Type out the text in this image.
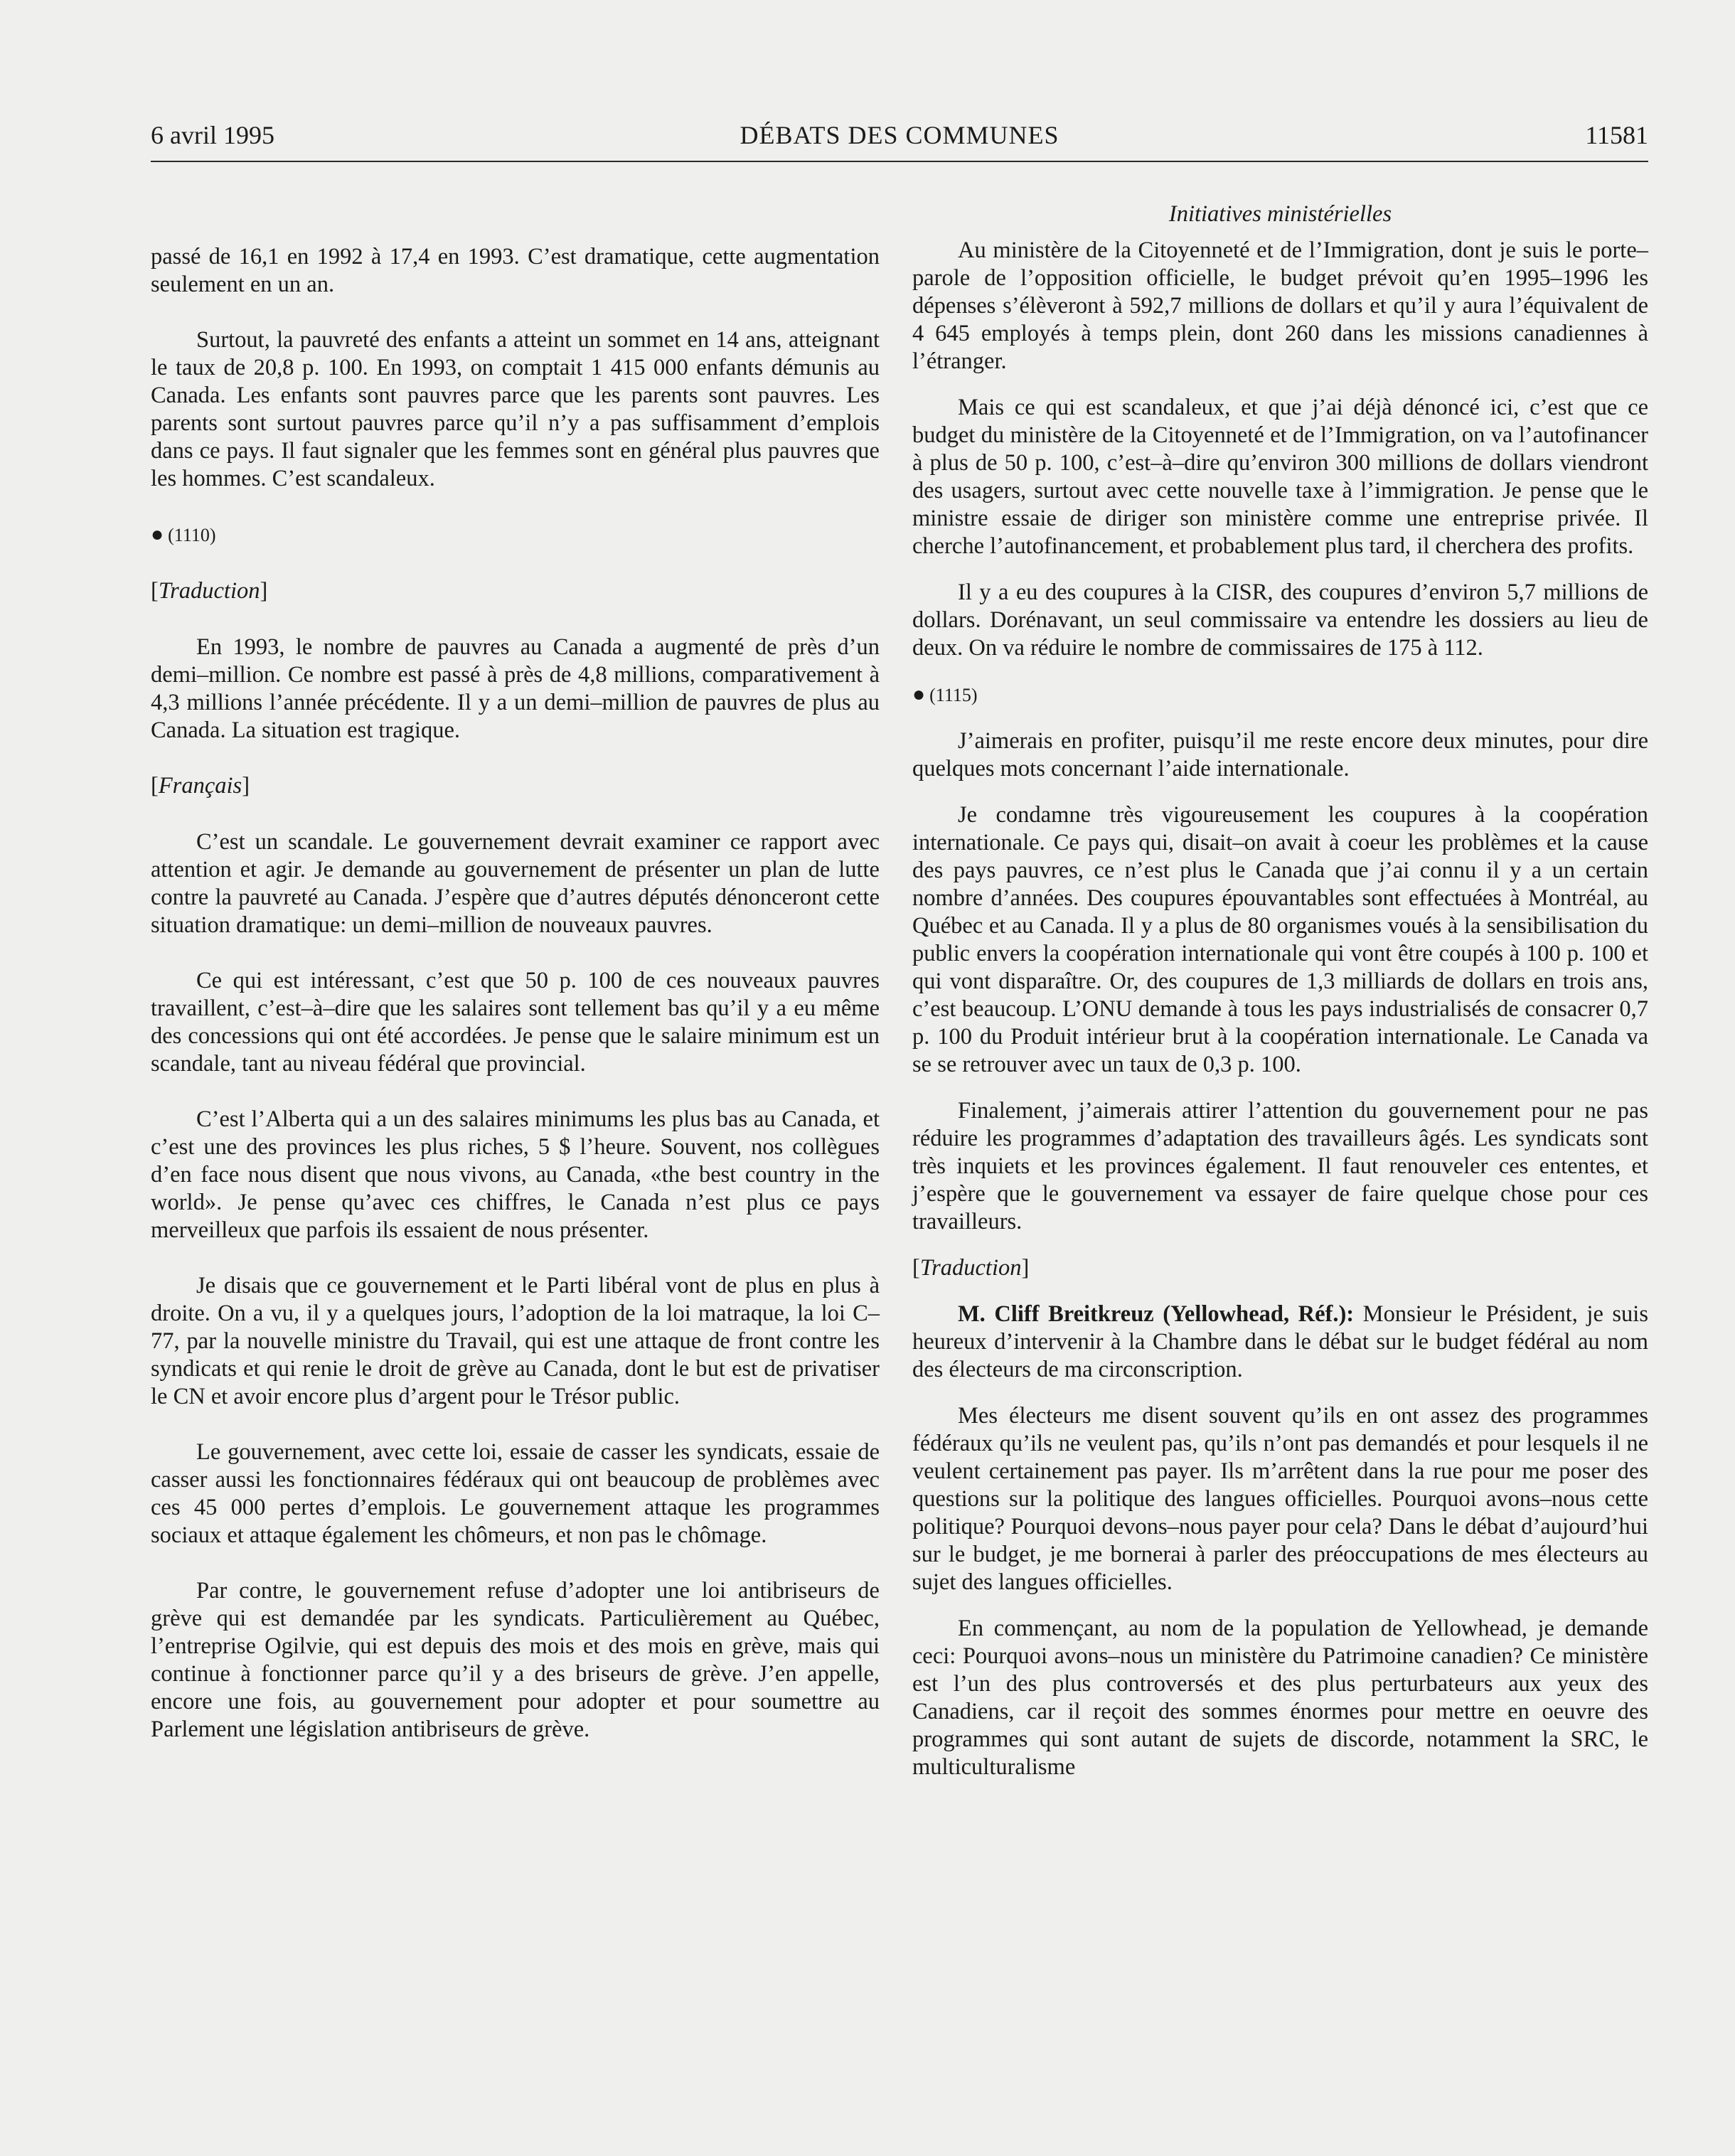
6 avril 1995	DÉBATS DES COMMUNES	11581

passé de 16,1 en 1992 à 17,4 en 1993. C’est dramatique, cette augmentation seulement en un an.

Surtout, la pauvreté des enfants a atteint un sommet en 14 ans, atteignant le taux de 20,8 p. 100. En 1993, on comptait 1 415 000 enfants démunis au Canada. Les enfants sont pauvres parce que les parents sont pauvres. Les parents sont surtout pauvres parce qu’il n’y a pas suffisamment d’emplois dans ce pays. Il faut signaler que les femmes sont en général plus pauvres que les hommes. C’est scandaleux.

● (1110)
[Traduction]

En 1993, le nombre de pauvres au Canada a augmenté de près d’un demi–million. Ce nombre est passé à près de 4,8 millions, comparativement à 4,3 millions l’année précédente. Il y a un demi–million de pauvres de plus au Canada. La situation est tragique.

[Français]

C’est un scandale. Le gouvernement devrait examiner ce rapport avec attention et agir. Je demande au gouvernement de présenter un plan de lutte contre la pauvreté au Canada. J’espère que d’autres députés dénonceront cette situation dramatique: un demi–million de nouveaux pauvres.

Ce qui est intéressant, c’est que 50 p. 100 de ces nouveaux pauvres travaillent, c’est–à–dire que les salaires sont tellement bas qu’il y a eu même des concessions qui ont été accordées. Je pense que le salaire minimum est un scandale, tant au niveau fédéral que provincial.

C’est l’Alberta qui a un des salaires minimums les plus bas au Canada, et c’est une des provinces les plus riches, 5 $ l’heure. Souvent, nos collègues d’en face nous disent que nous vivons, au Canada, «the best country in the world». Je pense qu’avec ces chiffres, le Canada n’est plus ce pays merveilleux que parfois ils essaient de nous présenter.

Je disais que ce gouvernement et le Parti libéral vont de plus en plus à droite. On a vu, il y a quelques jours, l’adoption de la loi matraque, la loi C–77, par la nouvelle ministre du Travail, qui est une attaque de front contre les syndicats et qui renie le droit de grève au Canada, dont le but est de privatiser le CN et avoir encore plus d’argent pour le Trésor public.

Le gouvernement, avec cette loi, essaie de casser les syndicats, essaie de casser aussi les fonctionnaires fédéraux qui ont beaucoup de problèmes avec ces 45 000 pertes d’emplois. Le gouvernement attaque les programmes sociaux et attaque également les chômeurs, et non pas le chômage.

Par contre, le gouvernement refuse d’adopter une loi antibriseurs de grève qui est demandée par les syndicats. Particulièrement au Québec, l’entreprise Ogilvie, qui est depuis des mois et des mois en grève, mais qui continue à fonctionner parce qu’il y a des briseurs de grève. J’en appelle, encore une fois, au gouvernement pour adopter et pour soumettre au Parlement une législation antibriseurs de grève.

Initiatives ministérielles

Au ministère de la Citoyenneté et de l’Immigration, dont je suis le porte–parole de l’opposition officielle, le budget prévoit qu’en 1995–1996 les dépenses s’élèveront à 592,7 millions de dollars et qu’il y aura l’équivalent de 4 645 employés à temps plein, dont 260 dans les missions canadiennes à l’étranger.

Mais ce qui est scandaleux, et que j’ai déjà dénoncé ici, c’est que ce budget du ministère de la Citoyenneté et de l’Immigration, on va l’autofinancer à plus de 50 p. 100, c’est–à–dire qu’environ 300 millions de dollars viendront des usagers, surtout avec cette nouvelle taxe à l’immigration. Je pense que le ministre essaie de diriger son ministère comme une entreprise privée. Il cherche l’autofinancement, et probablement plus tard, il cherchera des profits.

Il y a eu des coupures à la CISR, des coupures d’environ 5,7 millions de dollars. Dorénavant, un seul commissaire va entendre les dossiers au lieu de deux. On va réduire le nombre de commissaires de 175 à 112.

● (1115)

J’aimerais en profiter, puisqu’il me reste encore deux minutes, pour dire quelques mots concernant l’aide internationale.

Je condamne très vigoureusement les coupures à la coopération internationale. Ce pays qui, disait–on avait à coeur les problèmes et la cause des pays pauvres, ce n’est plus le Canada que j’ai connu il y a un certain nombre d’années. Des coupures épouvantables sont effectuées à Montréal, au Québec et au Canada. Il y a plus de 80 organismes voués à la sensibilisation du public envers la coopération internationale qui vont être coupés à 100 p. 100 et qui vont disparaître. Or, des coupures de 1,3 milliards de dollars en trois ans, c’est beaucoup. L’ONU demande à tous les pays industrialisés de consacrer 0,7 p. 100 du Produit intérieur brut à la coopération internationale. Le Canada va se se retrouver avec un taux de 0,3 p. 100.

Finalement, j’aimerais attirer l’attention du gouvernement pour ne pas réduire les programmes d’adaptation des travailleurs âgés. Les syndicats sont très inquiets et les provinces également. Il faut renouveler ces ententes, et j’espère que le gouvernement va essayer de faire quelque chose pour ces travailleurs.

[Traduction]

M. Cliff Breitkreuz (Yellowhead, Réf.): Monsieur le Président, je suis heureux d’intervenir à la Chambre dans le débat sur le budget fédéral au nom des électeurs de ma circonscription.

Mes électeurs me disent souvent qu’ils en ont assez des programmes fédéraux qu’ils ne veulent pas, qu’ils n’ont pas demandés et pour lesquels il ne veulent certainement pas payer. Ils m’arrêtent dans la rue pour me poser des questions sur la politique des langues officielles. Pourquoi avons–nous cette politique? Pourquoi devons–nous payer pour cela? Dans le débat d’aujourd’hui sur le budget, je me bornerai à parler des préoccupations de mes électeurs au sujet des langues officielles.

En commençant, au nom de la population de Yellowhead, je demande ceci: Pourquoi avons–nous un ministère du Patrimoine canadien? Ce ministère est l’un des plus controversés et des plus perturbateurs aux yeux des Canadiens, car il reçoit des sommes énormes pour mettre en oeuvre des programmes qui sont autant de sujets de discorde, notamment la SRC, le multiculturalisme
